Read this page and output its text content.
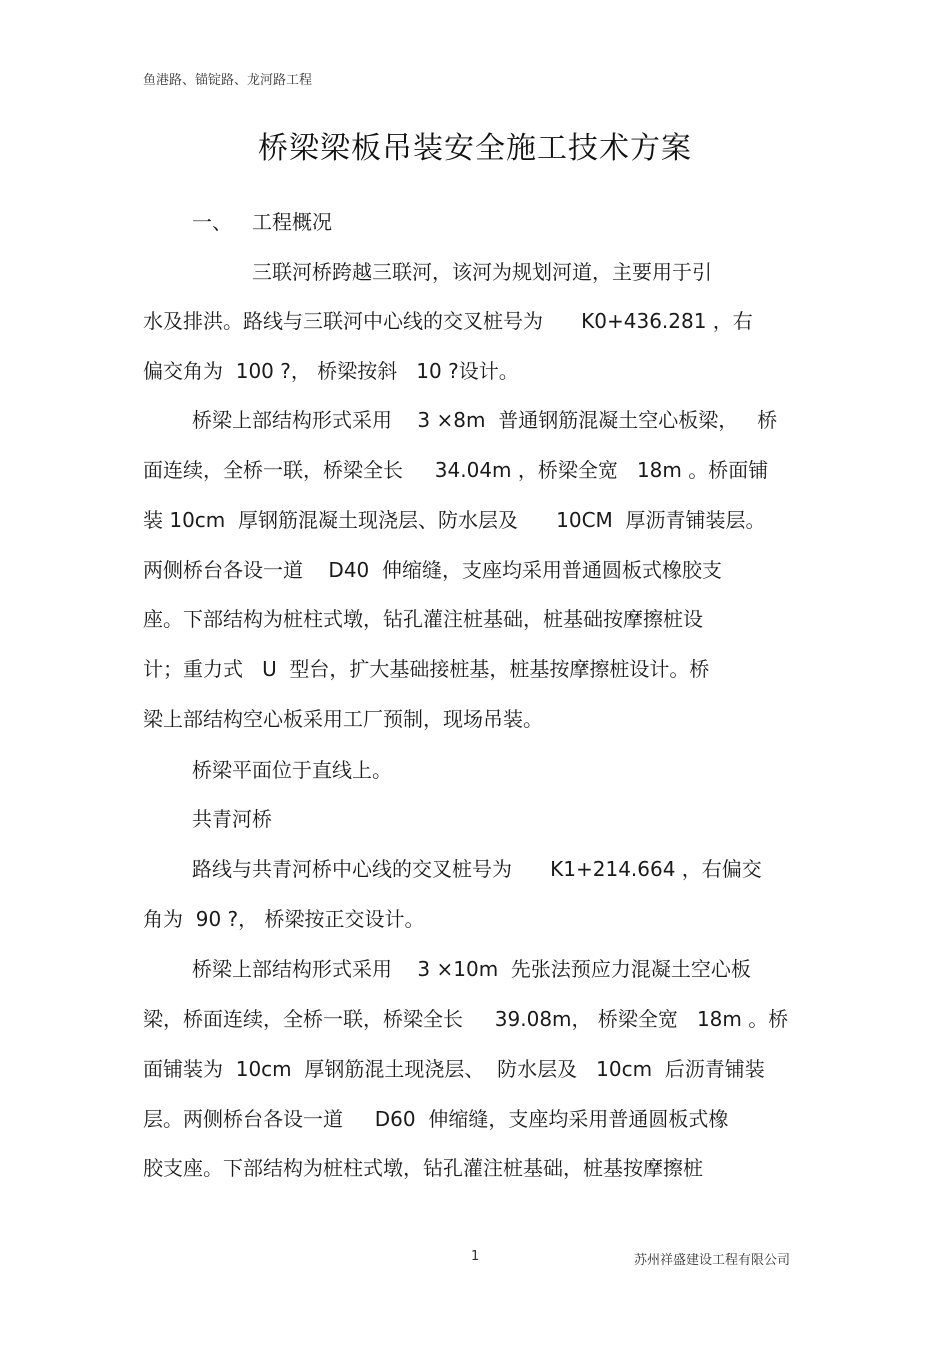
鱼港路、锚锭路、龙河路工程
桥梁梁板吊装安全施工技术方案
一、 工程概况
三联河桥跨越三联河，该河为规划河道，主要用于引
水及排洪。路线与三联河中心线的交叉桩号为      K0+436.281 ，右
偏交角为  100 ?， 桥梁按斜   10 ?设计。
桥梁上部结构形式采用    3 ×8m  普通钢筋混凝土空心板梁，   桥
面连续，全桥一联，桥梁全长     34.04m ，桥梁全宽   18m 。桥面铺
装 10cm  厚钢筋混凝土现浇层、防水层及      10CM  厚沥青铺装层。
两侧桥台各设一道    D40  伸缩缝，支座均采用普通圆板式橡胶支
座。下部结构为桩柱式墩，钻孔灌注桩基础，桩基础按摩擦桩设
计；重力式   U  型台，扩大基础接桩基，桩基按摩擦桩设计。桥
梁上部结构空心板采用工厂预制，现场吊装。
桥梁平面位于直线上。
共青河桥
路线与共青河桥中心线的交叉桩号为      K1+214.664 ，右偏交
角为  90 ?， 桥梁按正交设计。
桥梁上部结构形式采用    3 ×10m  先张法预应力混凝土空心板
梁，桥面连续，全桥一联，桥梁全长     39.08m， 桥梁全宽   18m 。桥
面铺装为  10cm  厚钢筋混土现浇层、  防水层及   10cm  后沥青铺装
层。两侧桥台各设一道     D60  伸缩缝，支座均采用普通圆板式橡
胶支座。下部结构为桩柱式墩，钻孔灌注桩基础，桩基按摩擦桩
1	苏州祥盛建设工程有限公司
